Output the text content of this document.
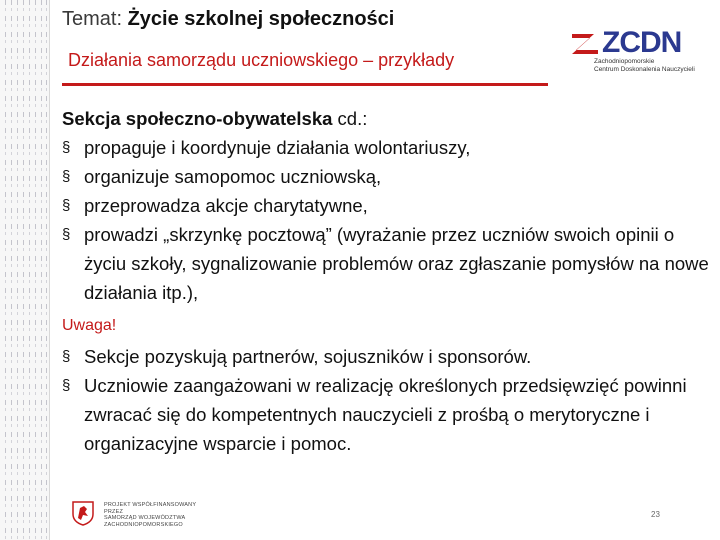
Temat: Życie szkolnej społeczności
Działania samorządu uczniowskiego – przykłady
ZCDN
Zachodniopomorskie
Centrum Doskonalenia Nauczycieli
Sekcja społeczno-obywatelska cd.:
§ propaguje i koordynuje działania wolontariuszy,
§ organizuje samopomoc uczniowską,
§ przeprowadza akcje charytatywne,
§ prowadzi „skrzynkę pocztową” (wyrażanie przez uczniów swoich opinii o życiu szkoły, sygnalizowanie problemów oraz zgłaszanie pomysłów na nowe działania itp.),
Uwaga!
§ Sekcje pozyskują partnerów, sojuszników i sponsorów.
§ Uczniowie zaangażowani w realizację określonych przedsięwzięć powinni zwracać się do kompetentnych nauczycieli z prośbą o merytoryczne i organizacyjne wsparcie i pomoc.
PROJEKT WSPÓŁFINANSOWANY PRZEZ
SAMORZĄD WOJEWÓDZTWA
ZACHODNIOPOMORSKIEGO
23
